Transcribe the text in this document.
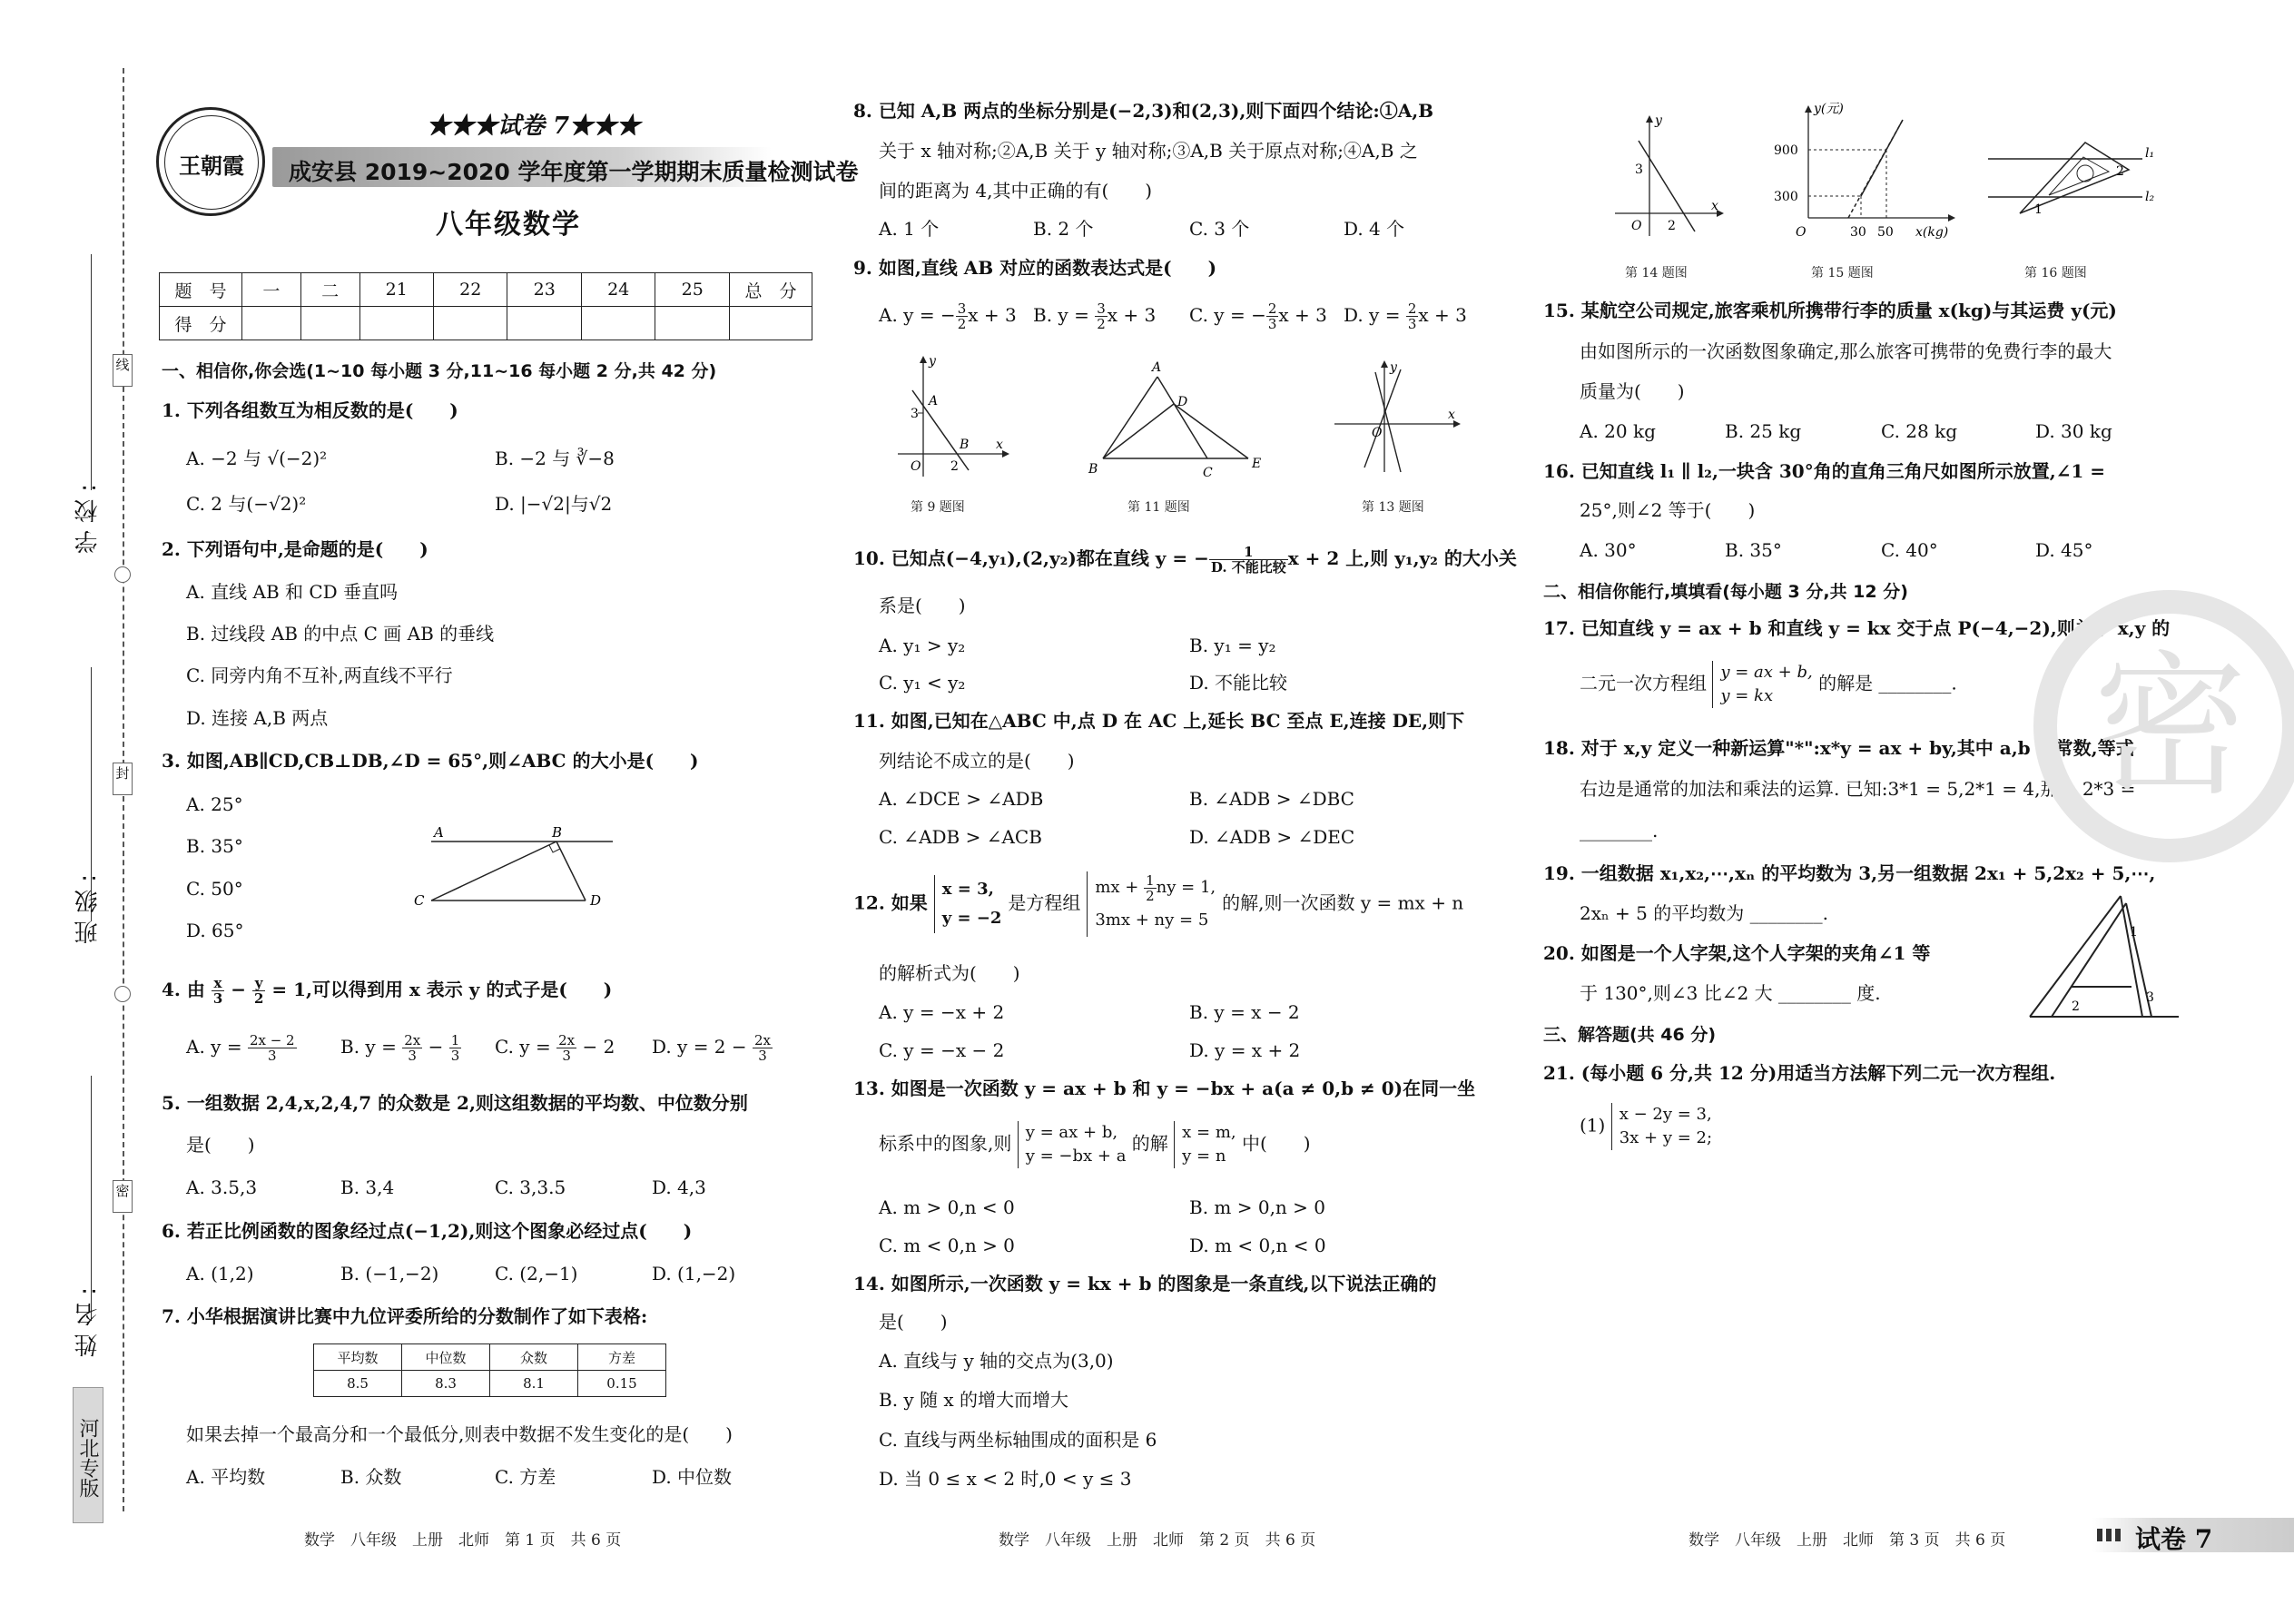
线
封
密
学校:
班级:
姓名:
河北专版
王朝霞
★★★试卷 7★★★
成安县 2019~2020 学年度第一学期期末质量检测试卷
八年级数学
题　号	一	二	21	22	23	24	25	总　分
得　分								
一、相信你,你会选(1~10 每小题 3 分,11~16 每小题 2 分,共 42 分)
1. 下列各组数互为相反数的是(　　)
A. −2 与 √(−2)²	B. −2 与 ∛−8
C. 2 与(−√2)²	D. |−√2|与√2
2. 下列语句中,是命题的是(　　)
A. 直线 AB 和 CD 垂直吗
B. 过线段 AB 的中点 C 画 AB 的垂线
C. 同旁内角不互补,两直线不平行
D. 连接 A,B 两点
3. 如图,AB∥CD,CB⊥DB,∠D = 65°,则∠ABC 的大小是(　　)
A. 25°
B. 35°
C. 50°
D. 65°
A	B
C	D
4. 由 $\frac{x}{3} - \frac{y}{2} = 1$,可以得到用 x 表示 y 的式子是(　　)
A. $y = \frac{2x - 2}{3} B$. $y = \frac{2x}{3} - \frac{1}{3} C$. $y = \frac{2x}{3} - 2$ D. $y = 2 - \frac{2x}{3}$
5. 一组数据 2,4,x,2,4,7 的众数是 2,则这组数据的平均数、中位数分别
是(　　)
A. 3.5,3	B. 3,4	C. 3,3.5	D. 4,3
6. 若正比例函数的图象经过点(−1,2),则这个图象必经过点(　　)
A. (1,2)	B. (−1,−2)	C. (2,−1)	D. (1,−2)
7. 小华根据演讲比赛中九位评委所给的分数制作了如下表格:
平均数	中位数	众数	方差
8.5	8.3	8.1	0.15
如果去掉一个最高分和一个最低分,则表中数据不发生变化的是(　　)
A. 平均数	B. 众数	C. 方差	D. 中位数
数学　八年级　上册　北师　第 1 页　共 6 页
8. 已知 A,B 两点的坐标分别是(−2,3)和(2,3),则下面四个结论:①A,B
关于 x 轴对称;②A,B 关于 y 轴对称;③A,B 关于原点对称;④A,B 之
间的距离为 4,其中正确的有(　　)
A. 1 个	B. 2 个	C. 3 个	D. 4 个
9. 如图,直线 AB 对应的函数表达式是(　　)
A. y = − $\frac{3}{2}$ x + 3 B. $y = \frac{3}{2}$ x + 3 C. y = − $\frac{2}{3}$ x + 3 D. $y = \frac{2}{3}$ x + 3
y
x
A
B
O
3
2
第 9 题图
A
B	C
D
E
第 11 题图
y
x
O
第 13 题图
10. 已知点(−4,y₁),(2,y₂)都在直线 y = − $\frac{1}{\text{D. 不能比较}}$ x + 2 上,则 y₁,y₂ 的大小关
系是(　　)
A. y₁ > y₂	B. y₁ = y₂
C. y₁ < y₂	D. 不能比较
11. 如图,已知在△ABC 中,点 D 在 AC 上,延长 BC 至点 E,连接 DE,则下
列结论不成立的是(　　)
A. ∠DCE > ∠ADB	B. ∠ADB > ∠DBC
C. ∠ADB > ∠ACB	D. ∠ADB > ∠DEC
12. 如果 x = 3,
y = −2 是方程组 mx + $\frac{1}{2}$ ny = 1,
3mx + ny = 5 的解,则一次函数 y = mx + n
的解析式为(　　)
A. y = −x + 2	B. y = x − 2
C. y = −x − 2	D. y = x + 2
13. 如图是一次函数 y = ax + b 和 y = −bx + a(a ≠ 0,b ≠ 0)在同一坐
标系中的图象,则 y = ax + b,
y = −bx + a 的解 x = m,
y = n 中(　　)
A. m > 0,n < 0	B. m > 0,n > 0
C. m < 0,n > 0	D. m < 0,n < 0
14. 如图所示,一次函数 y = kx + b 的图象是一条直线,以下说法正确的
是(　　)
A. 直线与 y 轴的交点为(3,0)
B. y 随 x 的增大而增大
C. 直线与两坐标轴围成的面积是 6
D. 当 0 ≤ x < 2 时,0 < y ≤ 3
数学　八年级　上册　北师　第 2 页　共 6 页
y
x
O
3
2
第 14 题图
y(元)
x(kg)
O
900
300
30 50
第 15 题图
l₁
l₂
1
2
第 16 题图
15. 某航空公司规定,旅客乘机所携带行李的质量 x(kg)与其运费 y(元)
由如图所示的一次函数图象确定,那么旅客可携带的免费行李的最大
质量为(　　)
A. 20 kg	B. 25 kg	C. 28 kg	D. 30 kg
16. 已知直线 l₁ ∥ l₂,一块含 30°角的直角三角尺如图所示放置,∠1 =
25°,则∠2 等于(　　)
A. 30°	B. 35°	C. 40°	D. 45°
二、相信你能行,填填看(每小题 3 分,共 12 分)
17. 已知直线 y = ax + b 和直线 y = kx 交于点 P(−4,−2),则关于 x,y 的
二元一次方程组 y = ax + b,
y = kx 的解是 ________.
18. 对于 x,y 定义一种新运算"*":x*y = ax + by,其中 a,b 为常数,等式
右边是通常的加法和乘法的运算. 已知:3*1 = 5,2*1 = 4,那么 2*3 =
________.
19. 一组数据 x₁,x₂,⋯,xₙ 的平均数为 3,另一组数据 2x₁ + 5,2x₂ + 5,⋯,
2xₙ + 5 的平均数为 ________.
20. 如图是一个人字架,这个人字架的夹角∠1 等
于 130°,则∠3 比∠2 大 ________ 度.
1
2
3
三、解答题(共 46 分)
21. (每小题 6 分,共 12 分)用适当方法解下列二元一次方程组.
(1) x − 2y = 3,
3x + y = 2;
密
数学　八年级　上册　北师　第 3 页　共 6 页	试卷 7
